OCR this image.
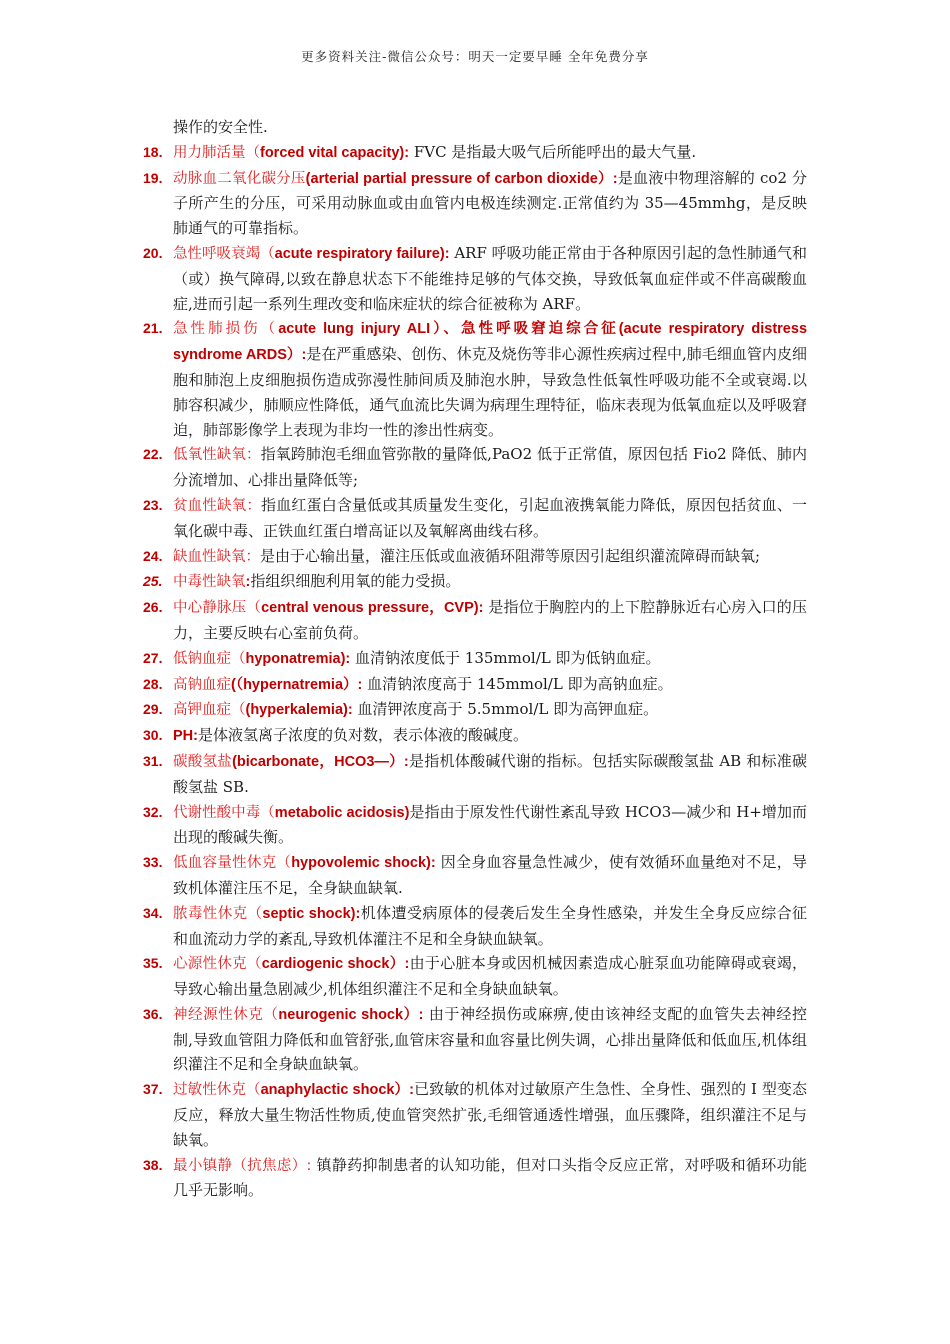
更多资料关注-微信公众号：明天一定要早睡 全年免费分享
操作的安全性.
18. 用力肺活量（forced vital capacity): FVC 是指最大吸气后所能呼出的最大气量.
19. 动脉血二氧化碳分压(arterial partial pressure of carbon dioxide）:是血液中物理溶解的 co2 分子所产生的分压，可采用动脉血或由血管内电极连续测定.正常值约为 35—45mmhg，是反映肺通气的可靠指标。
20. 急性呼吸衰竭（acute respiratory failure): ARF 呼吸功能正常由于各种原因引起的急性肺通气和（或）换气障碍,以致在静息状态下不能维持足够的气体交换，导致低氧血症伴或不伴高碳酸血症,进而引起一系列生理改变和临床症状的综合征被称为 ARF。
21. 急性肺损伤（acute lung injury ALI）、急性呼吸窘迫综合征(acute respiratory distress syndrome ARDS）:是在严重感染、创伤、休克及烧伤等非心源性疾病过程中,肺毛细血管内皮细胞和肺泡上皮细胞损伤造成弥漫性肺间质及肺泡水肿，导致急性低氧性呼吸功能不全或衰竭.以肺容积减少，肺顺应性降低，通气血流比失调为病理生理特征，临床表现为低氧血症以及呼吸窘迫，肺部影像学上表现为非均一性的渗出性病变。
22. 低氧性缺氧：指氧跨肺泡毛细血管弥散的量降低,PaO2 低于正常值，原因包括 Fio2 降低、肺内分流增加、心排出量降低等;
23. 贫血性缺氧：指血红蛋白含量低或其质量发生变化，引起血液携氧能力降低，原因包括贫血、一氧化碳中毒、正铁血红蛋白增高证以及氧解离曲线右移。
24. 缺血性缺氧：是由于心输出量，灌注压低或血液循环阻滞等原因引起组织灌流障碍而缺氧;
25. 中毒性缺氧:指组织细胞利用氧的能力受损。
26. 中心静脉压（central venous pressure，CVP): 是指位于胸腔内的上下腔静脉近右心房入口的压力，主要反映右心室前负荷。
27. 低钠血症（hyponatremia): 血清钠浓度低于 135mmol/L 即为低钠血症。
28. 高钠血症(（hypernatremia）: 血清钠浓度高于 145mmol/L 即为高钠血症。
29. 高钾血症（(hyperkalemia): 血清钾浓度高于 5.5mmol/L 即为高钾血症。
30. PH:是体液氢离子浓度的负对数，表示体液的酸碱度。
31. 碳酸氢盐(bicarbonate，HCO3—）:是指机体酸碱代谢的指标。包括实际碳酸氢盐 AB 和标准碳酸氢盐 SB.
32. 代谢性酸中毒（metabolic acidosis)是指由于原发性代谢性紊乱导致 HCO3—减少和 H+增加而出现的酸碱失衡。
33. 低血容量性休克（hypovolemic shock): 因全身血容量急性减少，使有效循环血量绝对不足，导致机体灌注压不足，全身缺血缺氧.
34. 脓毒性休克（septic shock):机体遭受病原体的侵袭后发生全身性感染，并发生全身反应综合征和血流动力学的紊乱,导致机体灌注不足和全身缺血缺氧。
35. 心源性休克（cardiogenic shock）:由于心脏本身或因机械因素造成心脏泵血功能障碍或衰竭，导致心输出量急剧减少,机体组织灌注不足和全身缺血缺氧。
36. 神经源性休克（neurogenic shock）: 由于神经损伤或麻痹,使由该神经支配的血管失去神经控制,导致血管阻力降低和血管舒张,血管床容量和血容量比例失调，心排出量降低和低血压,机体组织灌注不足和全身缺血缺氧。
37. 过敏性休克（anaphylactic shock）:已致敏的机体对过敏原产生急性、全身性、强烈的 I 型变态反应，释放大量生物活性物质,使血管突然扩张,毛细管通透性增强，血压骤降，组织灌注不足与缺氧。
38. 最小镇静（抗焦虑）: 镇静药抑制患者的认知功能，但对口头指令反应正常，对呼吸和循环功能几乎无影响。
